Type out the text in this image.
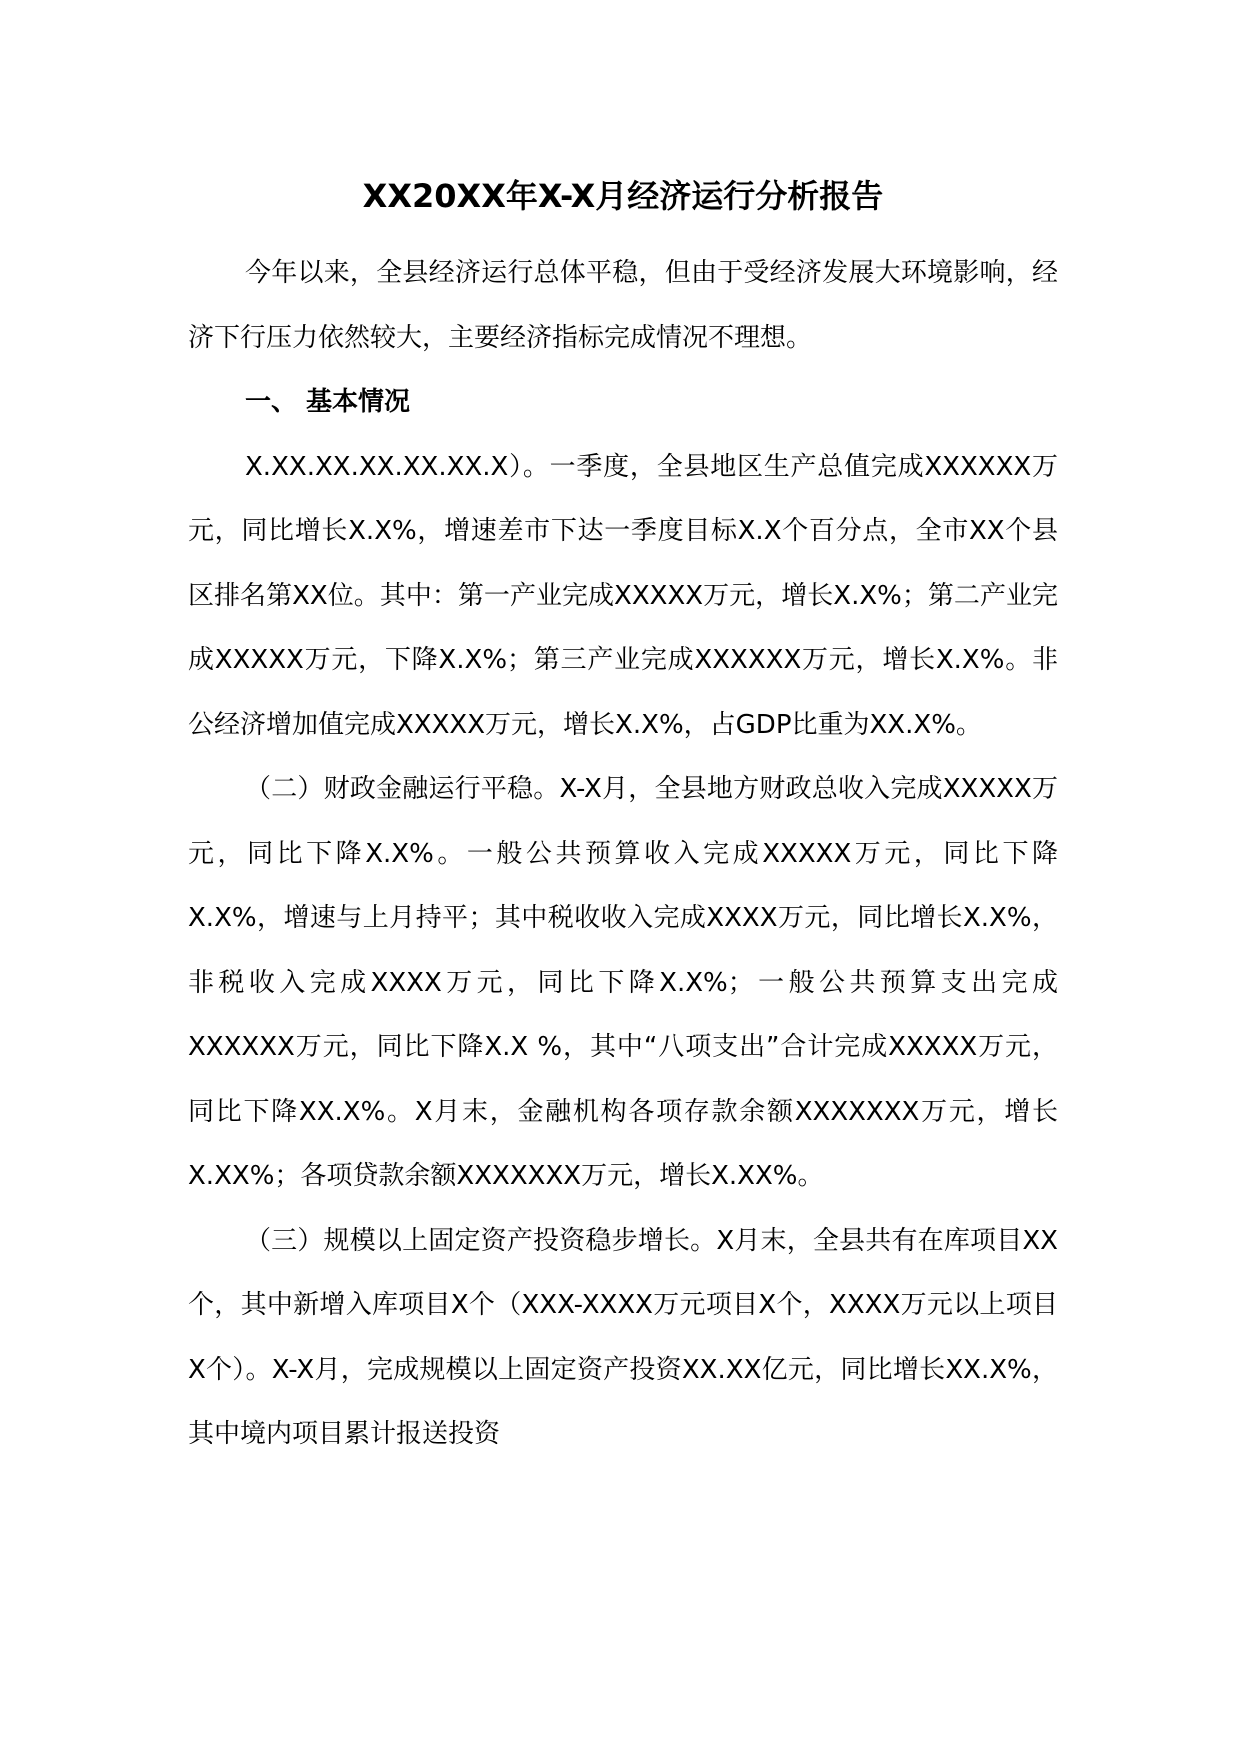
XX20XX年X-X月经济运行分析报告

今年以来，全县经济运行总体平稳，但由于受经济发展大环境影响，经济下行压力依然较大，主要经济指标完成情况不理想。

一、 基本情况

X.XX.XX.XX.XX.XX.X）。一季度，全县地区生产总值完成XXXXXX万元，同比增长X.X%，增速差市下达一季度目标X.X个百分点，全市XX个县区排名第XX位。其中：第一产业完成XXXXX万元，增长X.X%；第二产业完成XXXXX万元，下降X.X%；第三产业完成XXXXXX万元，增长X.X%。非公经济增加值完成XXXXX万元，增长X.X%，占GDP比重为XX.X%。

（二）财政金融运行平稳。X-X月，全县地方财政总收入完成XXXXX万元，同比下降X.X%。一般公共预算收入完成XXXXX万元，同比下降X.X%，增速与上月持平；其中税收收入完成XXXX万元，同比增长X.X%，非税收入完成XXXX万元，同比下降X.X%；一般公共预算支出完成XXXXXX万元，同比下降X.X %，其中“八项支出”合计完成XXXXX万元，同比下降XX.X%。X月末，金融机构各项存款余额XXXXXXX万元，增长X.XX%；各项贷款余额XXXXXXX万元，增长X.XX%。

（三）规模以上固定资产投资稳步增长。X月末，全县共有在库项目XX个，其中新增入库项目X个（XXX-XXXX万元项目X个，XXXX万元以上项目X个）。X-X月，完成规模以上固定资产投资XX.XX亿元，同比增长XX.X%，其中境内项目累计报送投资
